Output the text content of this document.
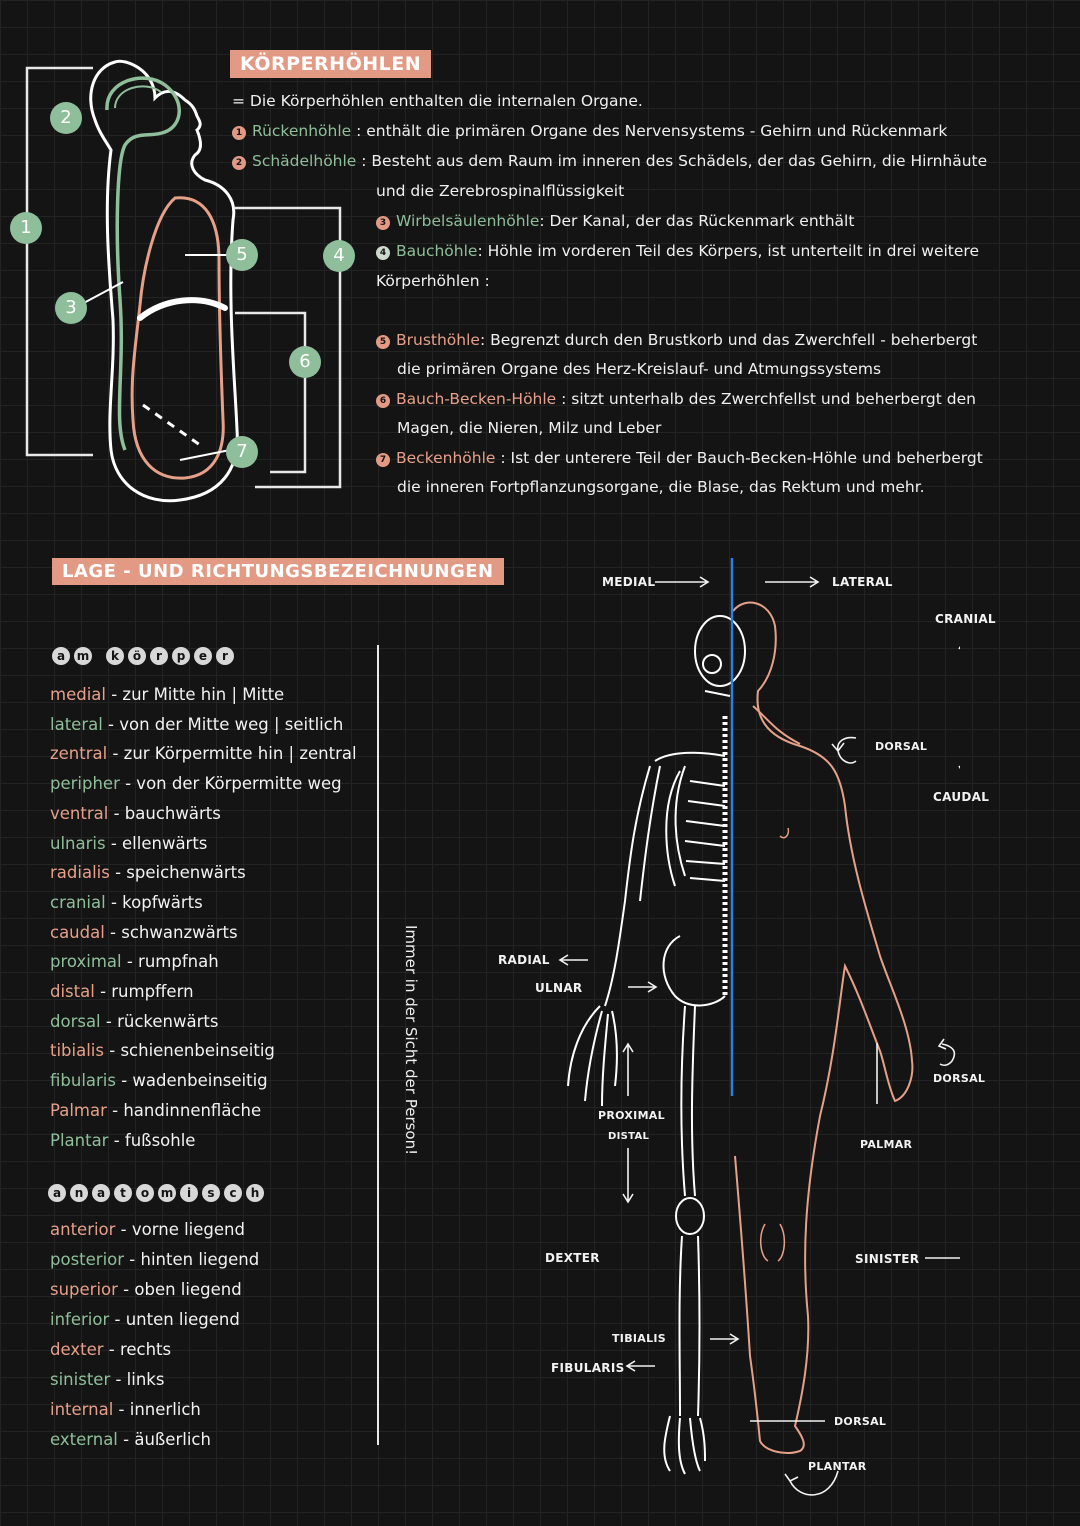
KÖRPERHÖHLEN
1
2
3
4
5
6
7
= Die Körperhöhlen enthalten die internalen Organe.
1 Rückenhöhle : enthält die primären Organe des Nervensystems - Gehirn und Rückenmark
2 Schädelhöhle : Besteht aus dem Raum im inneren des Schädels, der das Gehirn, die Hirnhäute
und die Zerebrospinalflüssigkeit
3 Wirbelsäulenhöhle: Der Kanal, der das Rückenmark enthält
4 Bauchöhle: Höhle im vorderen Teil des Körpers, ist unterteilt in drei weitere
Körperhöhlen :
5 Brusthöhle: Begrenzt durch den Brustkorb und das Zwerchfell - beherbergt
die primären Organe des Herz-Kreislauf- und Atmungssystems
6 Bauch-Becken-Höhle : sitzt unterhalb des Zwerchfellst und beherbergt den
Magen, die Nieren, Milz und Leber
7 Beckenhöhle : Ist der unterere Teil der Bauch-Becken-Höhle und beherbergt
die inneren Fortpflanzungsorgane, die Blase, das Rektum und mehr.
LAGE - UND RICHTUNGSBEZEICHNUNGEN
a m k ö r p e r
medial - zur Mitte hin | Mitte
lateral - von der Mitte weg | seitlich
zentral - zur Körpermitte hin | zentral
peripher - von der Körpermitte weg
ventral - bauchwärts
ulnaris - ellenwärts
radialis - speichenwärts
cranial - kopfwärts
caudal - schwanzwärts
proximal - rumpfnah
distal - rumpffern
dorsal - rückenwärts
tibialis - schienenbeinseitig
fibularis - wadenbeinseitig
Palmar - handinnenfläche
Plantar - fußsohle
a n a t o m i s c h
anterior - vorne liegend
posterior - hinten liegend
superior - oben liegend
inferior - unten liegend
dexter - rechts
sinister - links
internal - innerlich
external - äußerlich
Immer in der Sicht der Person!
MEDIAL	LATERAL
CRANIAL
CAUDAL
DORSAL
RADIAL
ULNAR
PROXIMAL
DISTAL
DORSAL
PALMAR
DEXTER	SINISTER
TIBIALIS
FIBULARIS
DORSAL
PLANTAR
